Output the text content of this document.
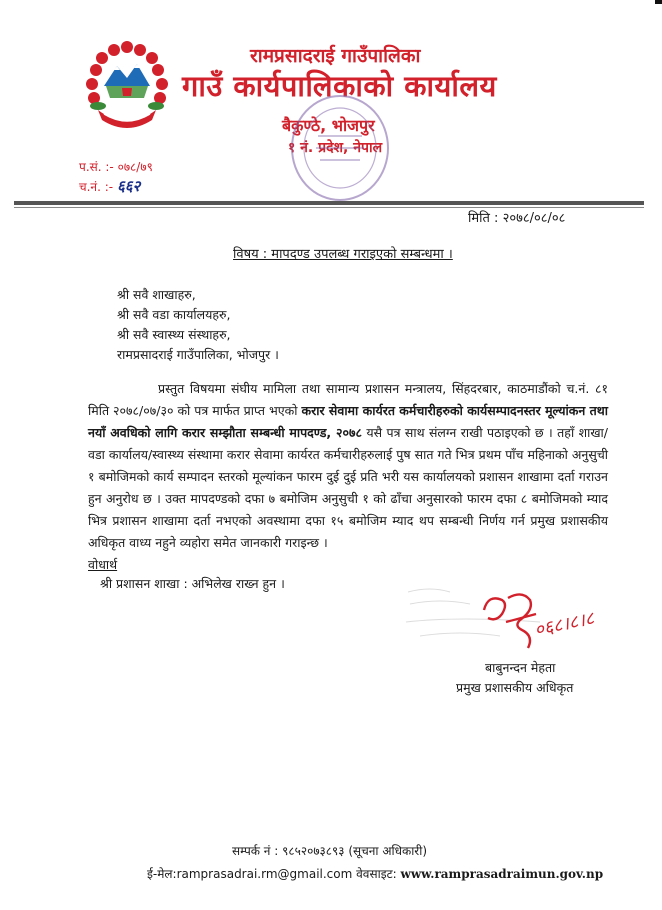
रामप्रसादराई गाउँपालिका
गाउँ कार्यपालिकाको कार्यालय
बैकुण्ठे, भोजपुर
१ नं. प्रदेश, नेपाल
प.सं. :- ०७८/७९
च.नं. :- ६६२
मिति : २०७८/०८/०८
विषय : मापदण्ड उपलब्ध गराइएको सम्बन्धमा ।
श्री सवै शाखाहरु,
श्री सवै वडा कार्यालयहरु,
श्री सवै स्वास्थ्य संस्थाहरु,
रामप्रसादराई गाउँपालिका, भोजपुर ।
प्रस्तुत विषयमा संघीय मामिला तथा सामान्य प्रशासन मन्त्रालय, सिंहदरबार, काठमाडौंको च.नं. ८१ मिति २०७८/०७/३० को पत्र मार्फत प्राप्त भएको करार सेवामा कार्यरत कर्मचारीहरुको कार्यसम्पादनस्तर मूल्यांकन तथा नयाँ अवधिको लागि करार सम्झौता सम्बन्धी मापदण्ड, २०७८ यसै पत्र साथ संलग्न राखी पठाइएको छ । तहाँ शाखा/वडा कार्यालय/स्वास्थ्य संस्थामा करार सेवामा कार्यरत कर्मचारीहरुलाई पुष सात गते भित्र प्रथम पाँच महिनाको अनुसुची १ बमोजिमको कार्य सम्पादन स्तरको मूल्यांकन फारम दुई दुई प्रति भरी यस कार्यालयको प्रशासन शाखामा दर्ता गराउन हुन अनुरोध छ । उक्त मापदण्डको दफा ७ बमोजिम अनुसुची १ को ढाँचा अनुसारको फारम दफा ८ बमोजिमको म्याद भित्र प्रशासन शाखामा दर्ता नभएको अवस्थामा दफा १५ बमोजिम म्याद थप सम्बन्धी निर्णय गर्न प्रमुख प्रशासकीय अधिकृत वाध्य नहुने व्यहोरा समेत जानकारी गराइन्छ ।
वोधार्थ
श्री प्रशासन शाखा : अभिलेख राख्न हुन ।
०६८।८।८
बाबुनन्दन मेहता
प्रमुख प्रशासकीय अधिकृत
सम्पर्क नं : ९८५२०७३८९३ (सूचना अधिकारी)
ई-मेल:ramprasadrai.rm@gmail.com वेवसाइट: www.ramprasadraimun.gov.np
